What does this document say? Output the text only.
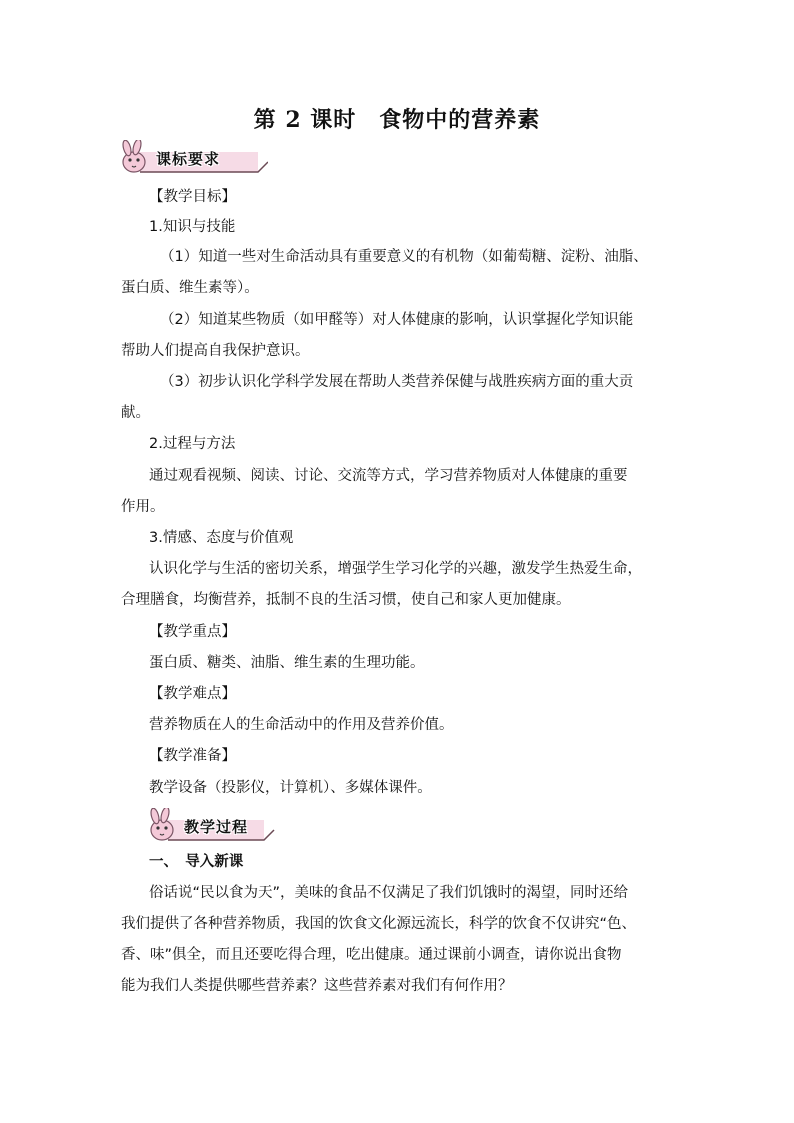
第 2 课时　食物中的营养素
课标要求
【教学目标】
1.知识与技能
（1）知道一些对生命活动具有重要意义的有机物（如葡萄糖、淀粉、油脂、
蛋白质、维生素等）。
（2）知道某些物质（如甲醛等）对人体健康的影响，认识掌握化学知识能
帮助人们提高自我保护意识。
（3）初步认识化学科学发展在帮助人类营养保健与战胜疾病方面的重大贡
献。
2.过程与方法
通过观看视频、阅读、讨论、交流等方式，学习营养物质对人体健康的重要
作用。
3.情感、态度与价值观
认识化学与生活的密切关系，增强学生学习化学的兴趣，激发学生热爱生命，
合理膳食，均衡营养，抵制不良的生活习惯，使自己和家人更加健康。
【教学重点】
蛋白质、糖类、油脂、维生素的生理功能。
【教学难点】
营养物质在人的生命活动中的作用及营养价值。
【教学准备】
教学设备（投影仪，计算机）、多媒体课件。
教学过程
一、　导入新课
俗话说“民以食为天”，美味的食品不仅满足了我们饥饿时的渴望，同时还给
我们提供了各种营养物质，我国的饮食文化源远流长，科学的饮食不仅讲究“色、
香、味”俱全，而且还要吃得合理，吃出健康。通过课前小调查，请你说出食物
能为我们人类提供哪些营养素？这些营养素对我们有何作用？
